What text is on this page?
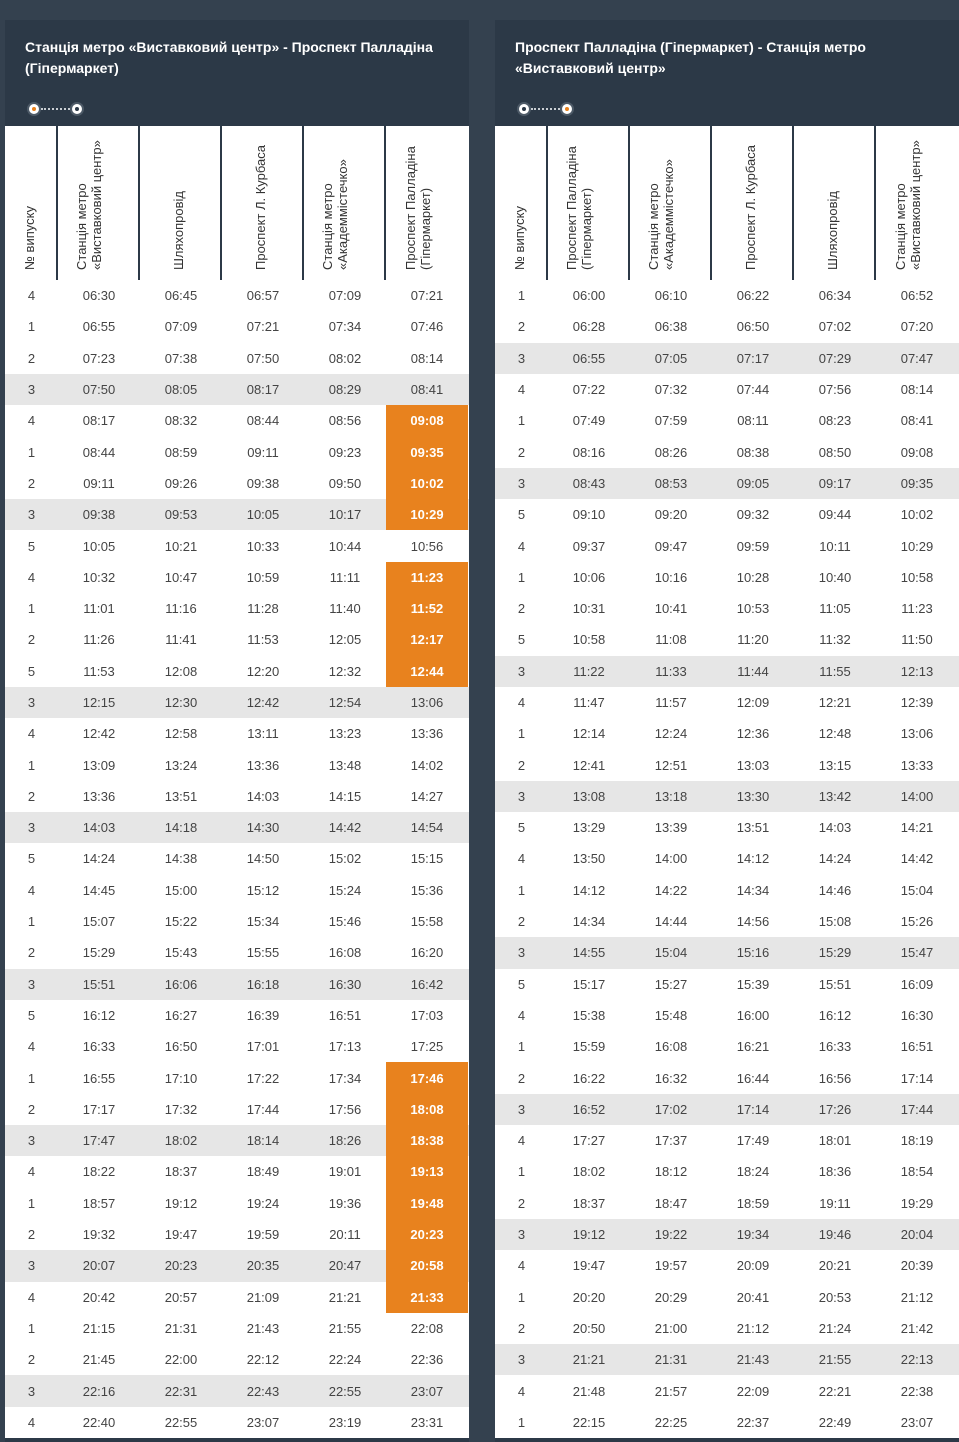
Станція метро «Виставковий центр» - Проспект Палладіна (Гіпермаркет)
№ випуску	Станція метро «Виставковий центр»	Шляхопровід	Проспект Л. Курбаса	Станція метро «Академмістечко»	Проспект Палладіна (Гіпермаркет)
4	06:30	06:45	06:57	07:09	07:21
1	06:55	07:09	07:21	07:34	07:46
2	07:23	07:38	07:50	08:02	08:14
3	07:50	08:05	08:17	08:29	08:41
4	08:17	08:32	08:44	08:56	09:08
1	08:44	08:59	09:11	09:23	09:35
2	09:11	09:26	09:38	09:50	10:02
3	09:38	09:53	10:05	10:17	10:29
5	10:05	10:21	10:33	10:44	10:56
4	10:32	10:47	10:59	11:11	11:23
1	11:01	11:16	11:28	11:40	11:52
2	11:26	11:41	11:53	12:05	12:17
5	11:53	12:08	12:20	12:32	12:44
3	12:15	12:30	12:42	12:54	13:06
4	12:42	12:58	13:11	13:23	13:36
1	13:09	13:24	13:36	13:48	14:02
2	13:36	13:51	14:03	14:15	14:27
3	14:03	14:18	14:30	14:42	14:54
5	14:24	14:38	14:50	15:02	15:15
4	14:45	15:00	15:12	15:24	15:36
1	15:07	15:22	15:34	15:46	15:58
2	15:29	15:43	15:55	16:08	16:20
3	15:51	16:06	16:18	16:30	16:42
5	16:12	16:27	16:39	16:51	17:03
4	16:33	16:50	17:01	17:13	17:25
1	16:55	17:10	17:22	17:34	17:46
2	17:17	17:32	17:44	17:56	18:08
3	17:47	18:02	18:14	18:26	18:38
4	18:22	18:37	18:49	19:01	19:13
1	18:57	19:12	19:24	19:36	19:48
2	19:32	19:47	19:59	20:11	20:23
3	20:07	20:23	20:35	20:47	20:58
4	20:42	20:57	21:09	21:21	21:33
1	21:15	21:31	21:43	21:55	22:08
2	21:45	22:00	22:12	22:24	22:36
3	22:16	22:31	22:43	22:55	23:07
4	22:40	22:55	23:07	23:19	23:31
Проспект Палладіна (Гіпермаркет) - Станція метро «Виставковий центр»
№ випуску	Проспект Палладіна (Гіпермаркет)	Станція метро «Академмістечко»	Проспект Л. Курбаса	Шляхопровід	Станція метро «Виставковий центр»
1	06:00	06:10	06:22	06:34	06:52
2	06:28	06:38	06:50	07:02	07:20
3	06:55	07:05	07:17	07:29	07:47
4	07:22	07:32	07:44	07:56	08:14
1	07:49	07:59	08:11	08:23	08:41
2	08:16	08:26	08:38	08:50	09:08
3	08:43	08:53	09:05	09:17	09:35
5	09:10	09:20	09:32	09:44	10:02
4	09:37	09:47	09:59	10:11	10:29
1	10:06	10:16	10:28	10:40	10:58
2	10:31	10:41	10:53	11:05	11:23
5	10:58	11:08	11:20	11:32	11:50
3	11:22	11:33	11:44	11:55	12:13
4	11:47	11:57	12:09	12:21	12:39
1	12:14	12:24	12:36	12:48	13:06
2	12:41	12:51	13:03	13:15	13:33
3	13:08	13:18	13:30	13:42	14:00
5	13:29	13:39	13:51	14:03	14:21
4	13:50	14:00	14:12	14:24	14:42
1	14:12	14:22	14:34	14:46	15:04
2	14:34	14:44	14:56	15:08	15:26
3	14:55	15:04	15:16	15:29	15:47
5	15:17	15:27	15:39	15:51	16:09
4	15:38	15:48	16:00	16:12	16:30
1	15:59	16:08	16:21	16:33	16:51
2	16:22	16:32	16:44	16:56	17:14
3	16:52	17:02	17:14	17:26	17:44
4	17:27	17:37	17:49	18:01	18:19
1	18:02	18:12	18:24	18:36	18:54
2	18:37	18:47	18:59	19:11	19:29
3	19:12	19:22	19:34	19:46	20:04
4	19:47	19:57	20:09	20:21	20:39
1	20:20	20:29	20:41	20:53	21:12
2	20:50	21:00	21:12	21:24	21:42
3	21:21	21:31	21:43	21:55	22:13
4	21:48	21:57	22:09	22:21	22:38
1	22:15	22:25	22:37	22:49	23:07
